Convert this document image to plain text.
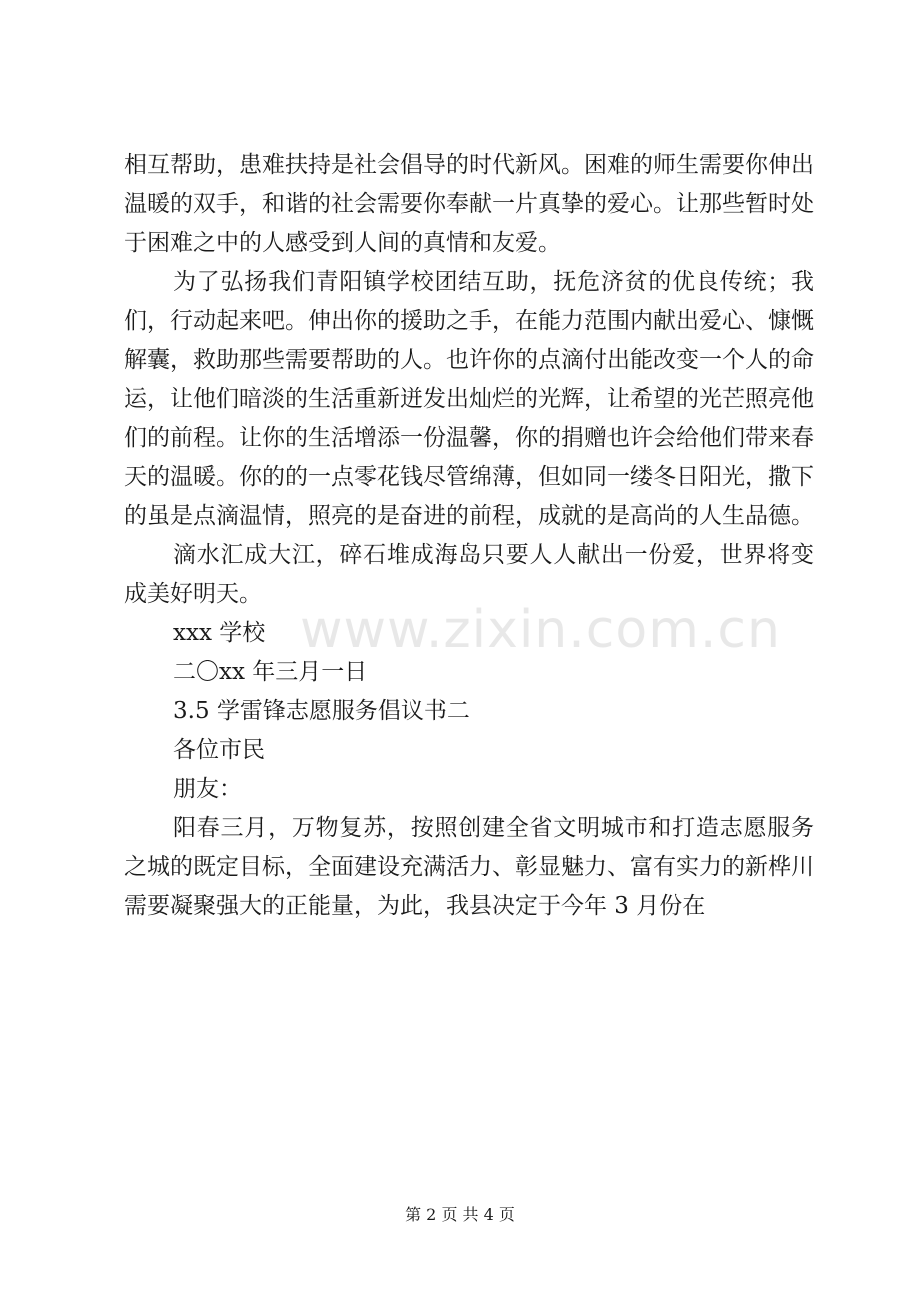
相互帮助，患难扶持是社会倡导的时代新风。困难的师生需要你伸出温暖的双手，和谐的社会需要你奉献一片真挚的爱心。让那些暂时处于困难之中的人感受到人间的真情和友爱。

为了弘扬我们青阳镇学校团结互助，抚危济贫的优良传统；我们，行动起来吧。伸出你的援助之手，在能力范围内献出爱心、慷慨解囊，救助那些需要帮助的人。也许你的点滴付出能改变一个人的命运，让他们暗淡的生活重新迸发出灿烂的光辉，让希望的光芒照亮他们的前程。让你的生活增添一份温馨，你的捐赠也许会给他们带来春天的温暖。你的的一点零花钱尽管绵薄，但如同一缕冬日阳光，撒下的虽是点滴温情，照亮的是奋进的前程，成就的是高尚的人生品德。

滴水汇成大江，碎石堆成海岛只要人人献出一份爱，世界将变成美好明天。

xxx 学校

二〇xx 年三月一日

3.5 学雷锋志愿服务倡议书二

各位市民

朋友：

阳春三月，万物复苏，按照创建全省文明城市和打造志愿服务之城的既定目标，全面建设充满活力、彰显魅力、富有实力的新桦川需要凝聚强大的正能量，为此，我县决定于今年 3 月份在

www.zixin.com.cn
第 2 页 共 4 页
